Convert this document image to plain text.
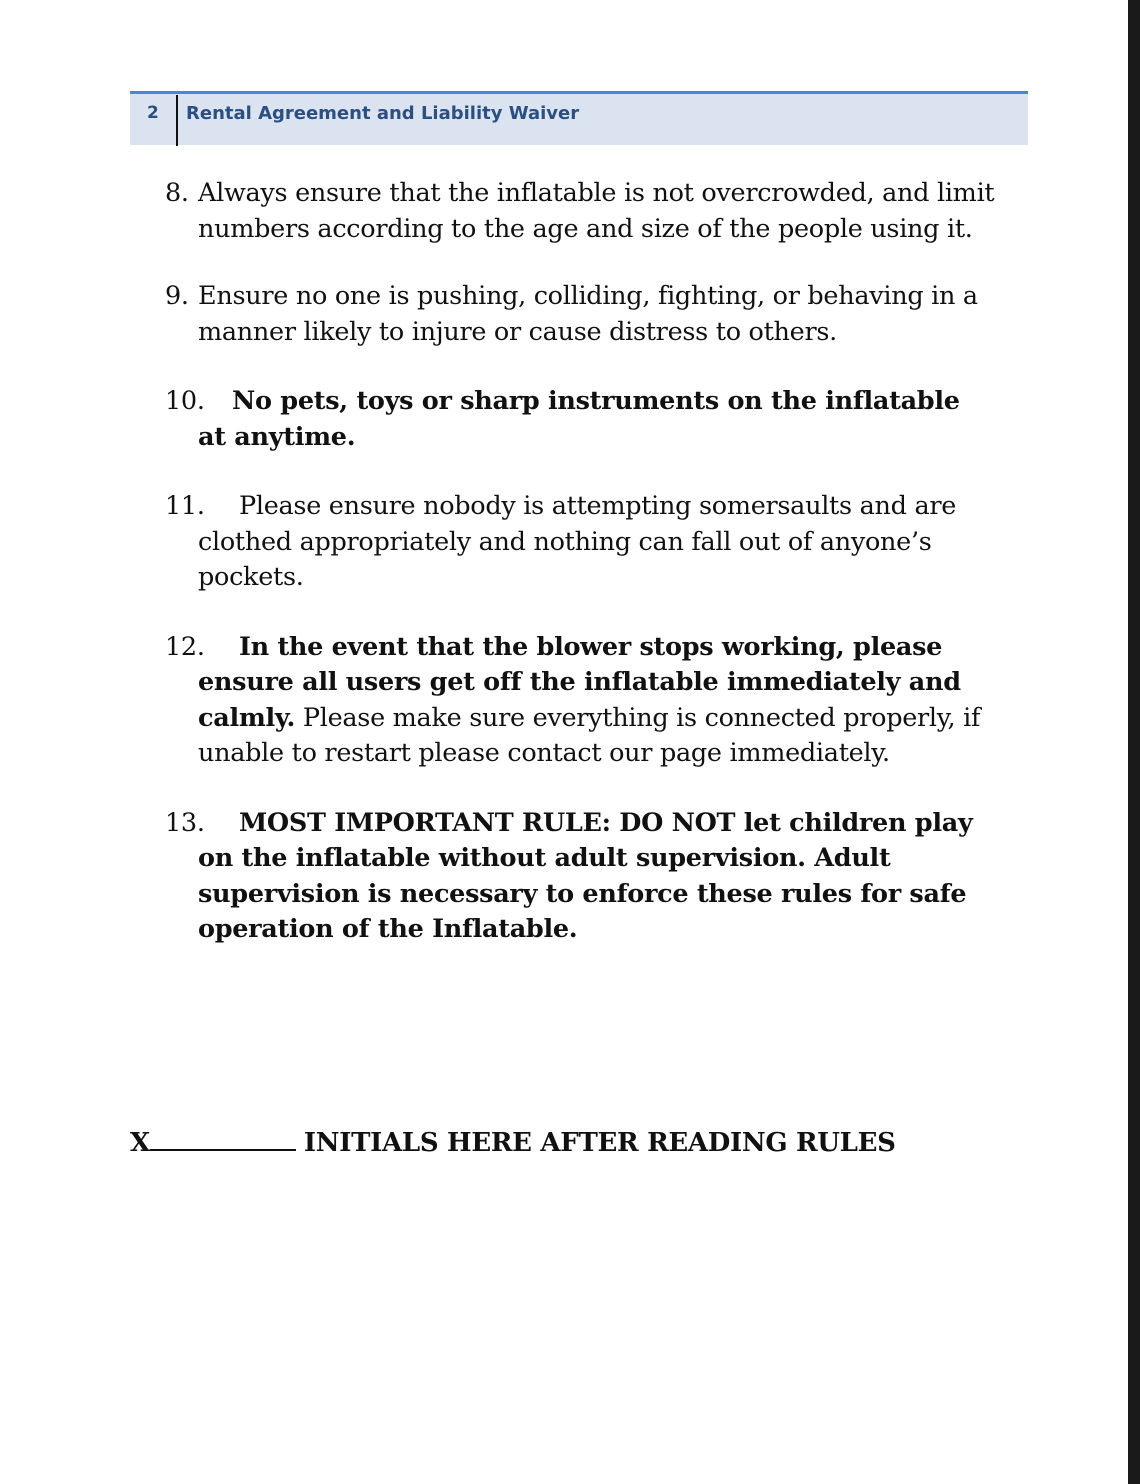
2 Rental Agreement and Liability Waiver
8. Always ensure that the inflatable is not overcrowded, and limit numbers according to the age and size of the people using it.
9. Ensure no one is pushing, colliding, fighting, or behaving in a manner likely to injure or cause distress to others.
10. No pets, toys or sharp instruments on the inflatable at anytime.
11. Please ensure nobody is attempting somersaults and are clothed appropriately and nothing can fall out of anyone’s pockets.
12. In the event that the blower stops working, please ensure all users get off the inflatable immediately and calmly. Please make sure everything is connected properly, if unable to restart please contact our page immediately.
13. MOST IMPORTANT RULE: DO NOT let children play on the inflatable without adult supervision. Adult supervision is necessary to enforce these rules for safe operation of the Inflatable.
X	INITIALS HERE AFTER READING RULES
